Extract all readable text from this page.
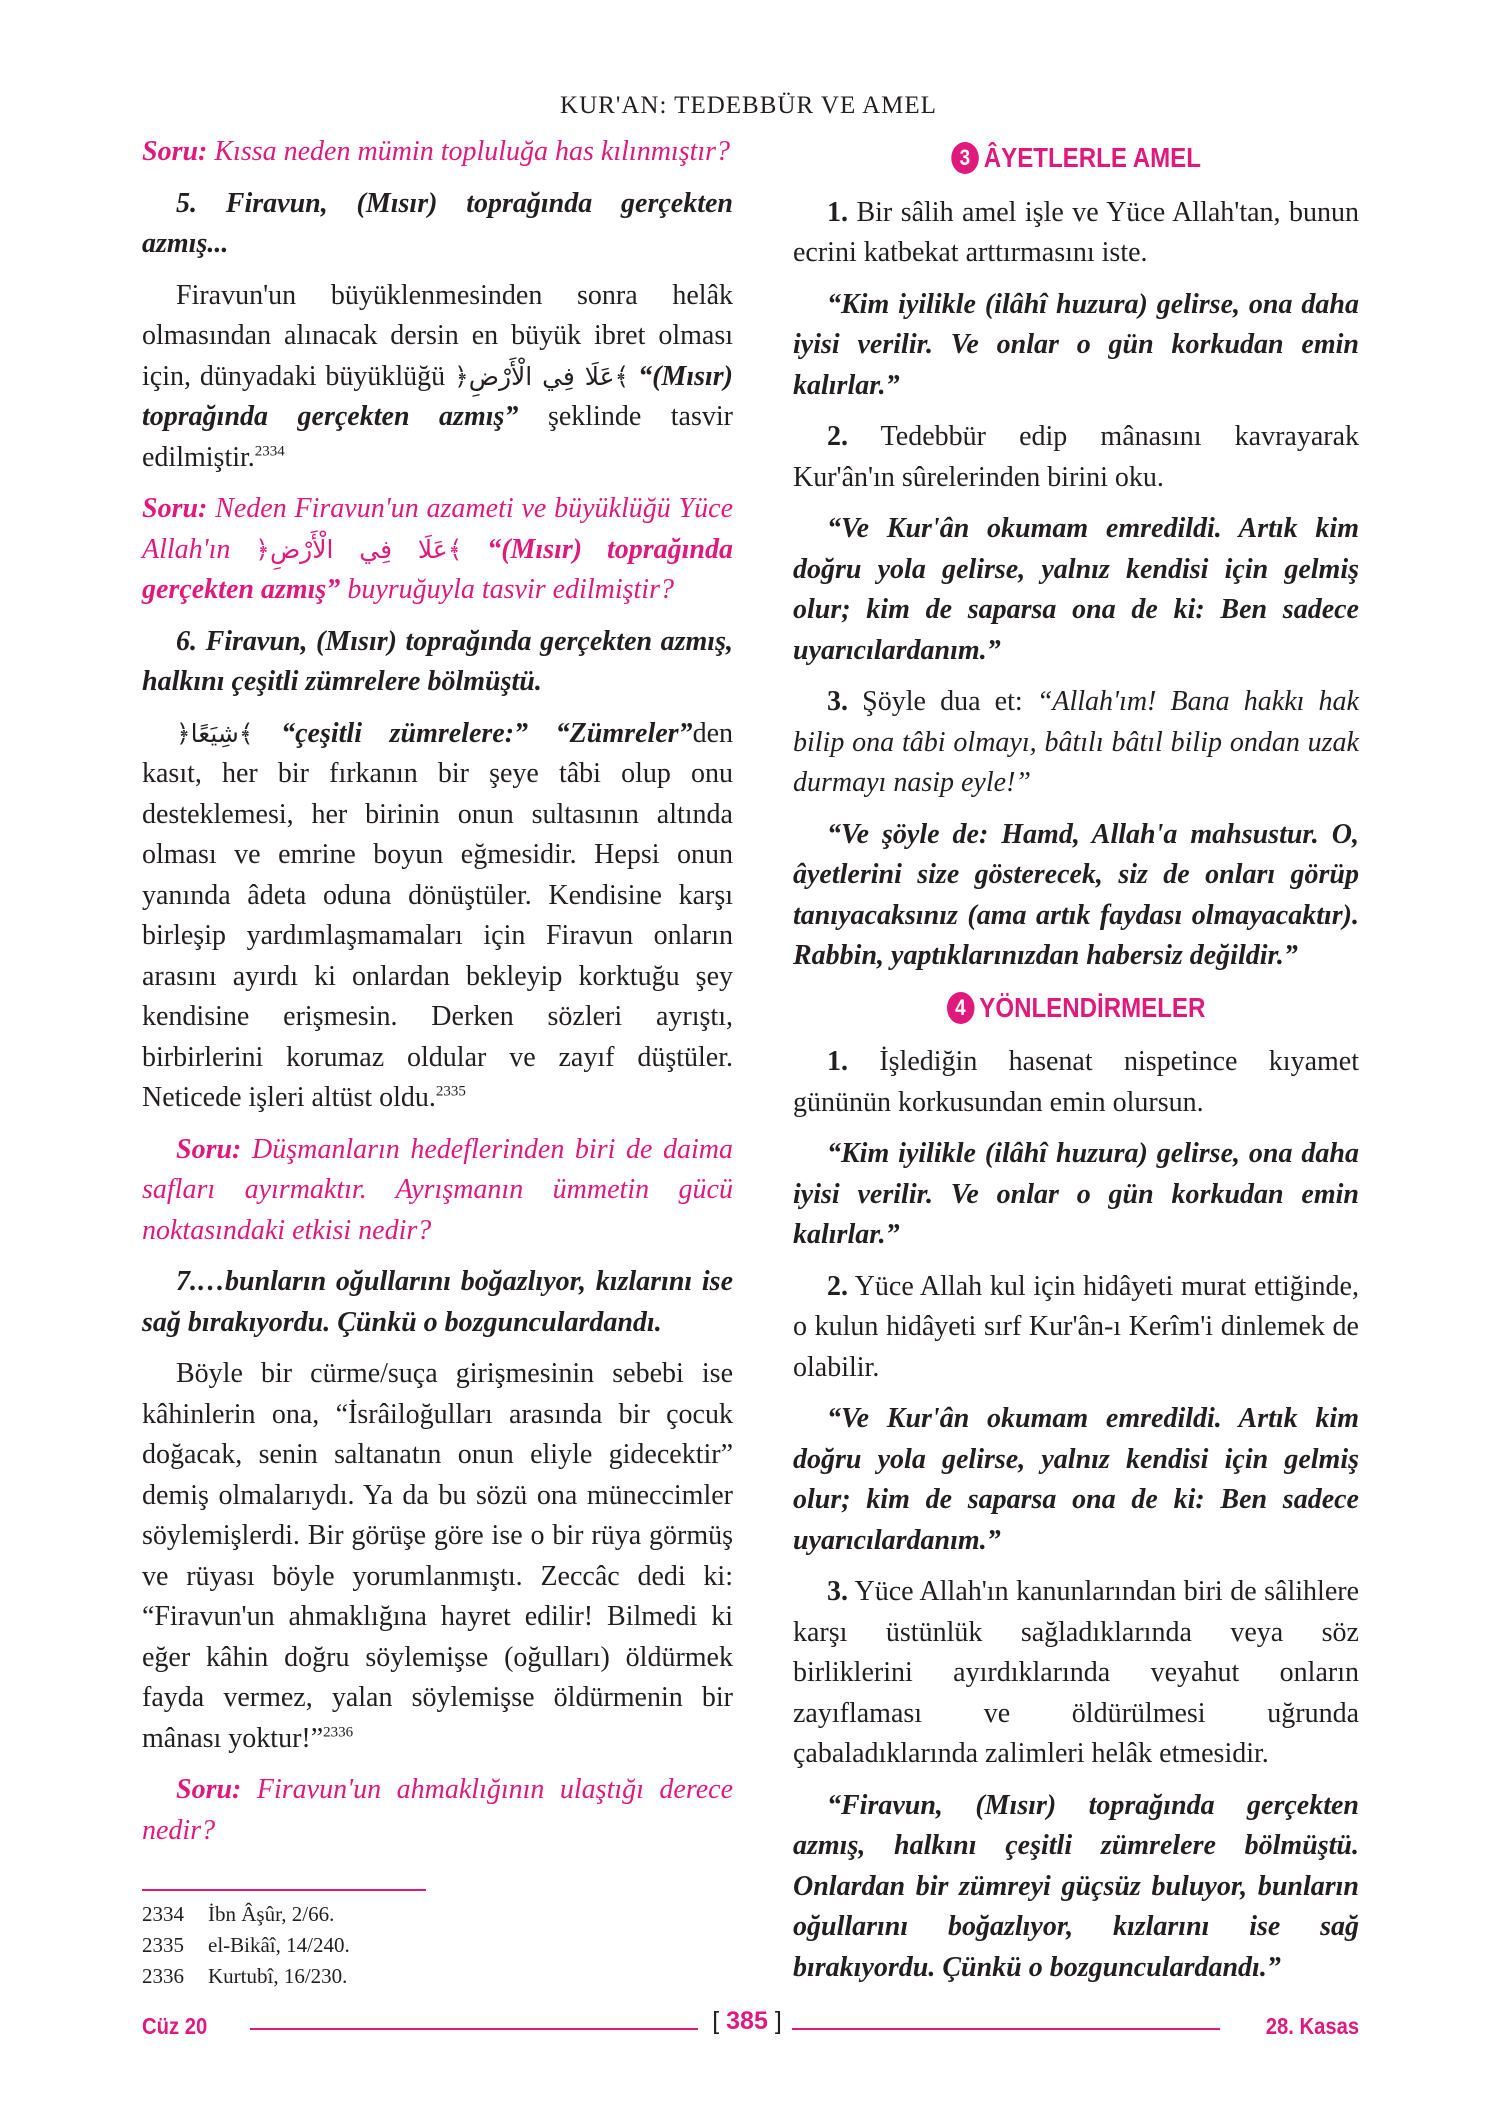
KUR'AN: TEDEBBÜR VE AMEL

Soru: Kıssa neden mümin topluluğa has kılınmıştır?

5. Firavun, (Mısır) toprağında gerçekten azmış...

Firavun'un büyüklenmesinden sonra helâk olmasından alınacak dersin en büyük ibret olması için, dünyadaki büyüklüğü ﴿عَلَا فِي الْأَرْضِ﴾ “(Mısır) toprağında gerçekten azmış” şeklinde tasvir edilmiştir.$^{2334}$

Soru: Neden Firavun'un azameti ve büyüklüğü Yüce Allah'ın ﴿عَلَا فِي الْأَرْضِ﴾ “(Mısır) toprağında gerçekten azmış” buyruğuyla tasvir edilmiştir?

6. Firavun, (Mısır) toprağında gerçekten azmış, halkını çeşitli zümrelere bölmüştü.

﴿شِيَعًا﴾ “çeşitli zümrelere:” “Zümreler”den kasıt, her bir fırkanın bir şeye tâbi olup onu desteklemesi, her birinin onun sultasının altında olması ve emrine boyun eğmesidir. Hepsi onun yanında âdeta oduna dönüştüler. Kendisine karşı birleşip yardımlaşmamaları için Firavun onların arasını ayırdı ki onlardan bekleyip korktuğu şey kendisine erişmesin. Derken sözleri ayrıştı, birbirlerini korumaz oldular ve zayıf düştüler. Neticede işleri altüst oldu.$^{2335}$

Soru: Düşmanların hedeflerinden biri de daima safları ayırmaktır. Ayrışmanın ümmetin gücü noktasındaki etkisi nedir?

7.…bunların oğullarını boğazlıyor, kızlarını ise sağ bırakıyordu. Çünkü o bozgunculardandı.

Böyle bir cürme/suça girişmesinin sebebi ise kâhinlerin ona, “İsrâiloğulları arasında bir çocuk doğacak, senin saltanatın onun eliyle gidecektir” demiş olmalarıydı. Ya da bu sözü ona müneccimler söylemişlerdi. Bir görüşe göre ise o bir rüya görmüş ve rüyası böyle yorumlanmıştı. Zeccâc dedi ki: “Firavun'un ahmaklığına hayret edilir! Bilmedi ki eğer kâhin doğru söylemişse (oğulları) öldürmek fayda vermez, yalan söylemişse öldürmenin bir mânası yoktur!”$^{2336}$

Soru: Firavun'un ahmaklığının ulaştığı derece nedir?

3 ÂYETLERLE AMEL

1. Bir sâlih amel işle ve Yüce Allah'tan, bunun ecrini katbekat arttırmasını iste.

“Kim iyilikle (ilâhî huzura) gelirse, ona daha iyisi verilir. Ve onlar o gün korkudan emin kalırlar.”

2. Tedebbür edip mânasını kavrayarak Kur'ân'ın sûrelerinden birini oku.

“Ve Kur'ân okumam emredildi. Artık kim doğru yola gelirse, yalnız kendisi için gelmiş olur; kim de saparsa ona de ki: Ben sadece uyarıcılardanım.”

3. Şöyle dua et: “Allah'ım! Bana hakkı hak bilip ona tâbi olmayı, bâtılı bâtıl bilip ondan uzak durmayı nasip eyle!”

“Ve şöyle de: Hamd, Allah'a mahsustur. O, âyetlerini size gösterecek, siz de onları görüp tanıyacaksınız (ama artık faydası olmayacaktır). Rabbin, yaptıklarınızdan habersiz değildir.”

4 YÖNLENDİRMELER

1. İşlediğin hasenat nispetince kıyamet gününün korkusundan emin olursun.

“Kim iyilikle (ilâhî huzura) gelirse, ona daha iyisi verilir. Ve onlar o gün korkudan emin kalırlar.”

2. Yüce Allah kul için hidâyeti murat ettiğinde, o kulun hidâyeti sırf Kur'ân-ı Kerîm'i dinlemek de olabilir.

“Ve Kur'ân okumam emredildi. Artık kim doğru yola gelirse, yalnız kendisi için gelmiş olur; kim de saparsa ona de ki: Ben sadece uyarıcılardanım.”

3. Yüce Allah'ın kanunlarından biri de sâlihlere karşı üstünlük sağladıklarında veya söz birliklerini ayırdıklarında veyahut onların zayıflaması ve öldürülmesi uğrunda çabaladıklarında zalimleri helâk etmesidir.

“Firavun, (Mısır) toprağında gerçekten azmış, halkını çeşitli zümrelere bölmüştü. Onlardan bir zümreyi güçsüz buluyor, bunların oğullarını boğazlıyor, kızlarını ise sağ bırakıyordu. Çünkü o bozgunculardandı.”

2334 İbn Âşûr, 2/66.
2335 el-Bikâî, 14/240.
2336 Kurtubî, 16/230.
Cüz 20	[ 385 ]	28. Kasas
